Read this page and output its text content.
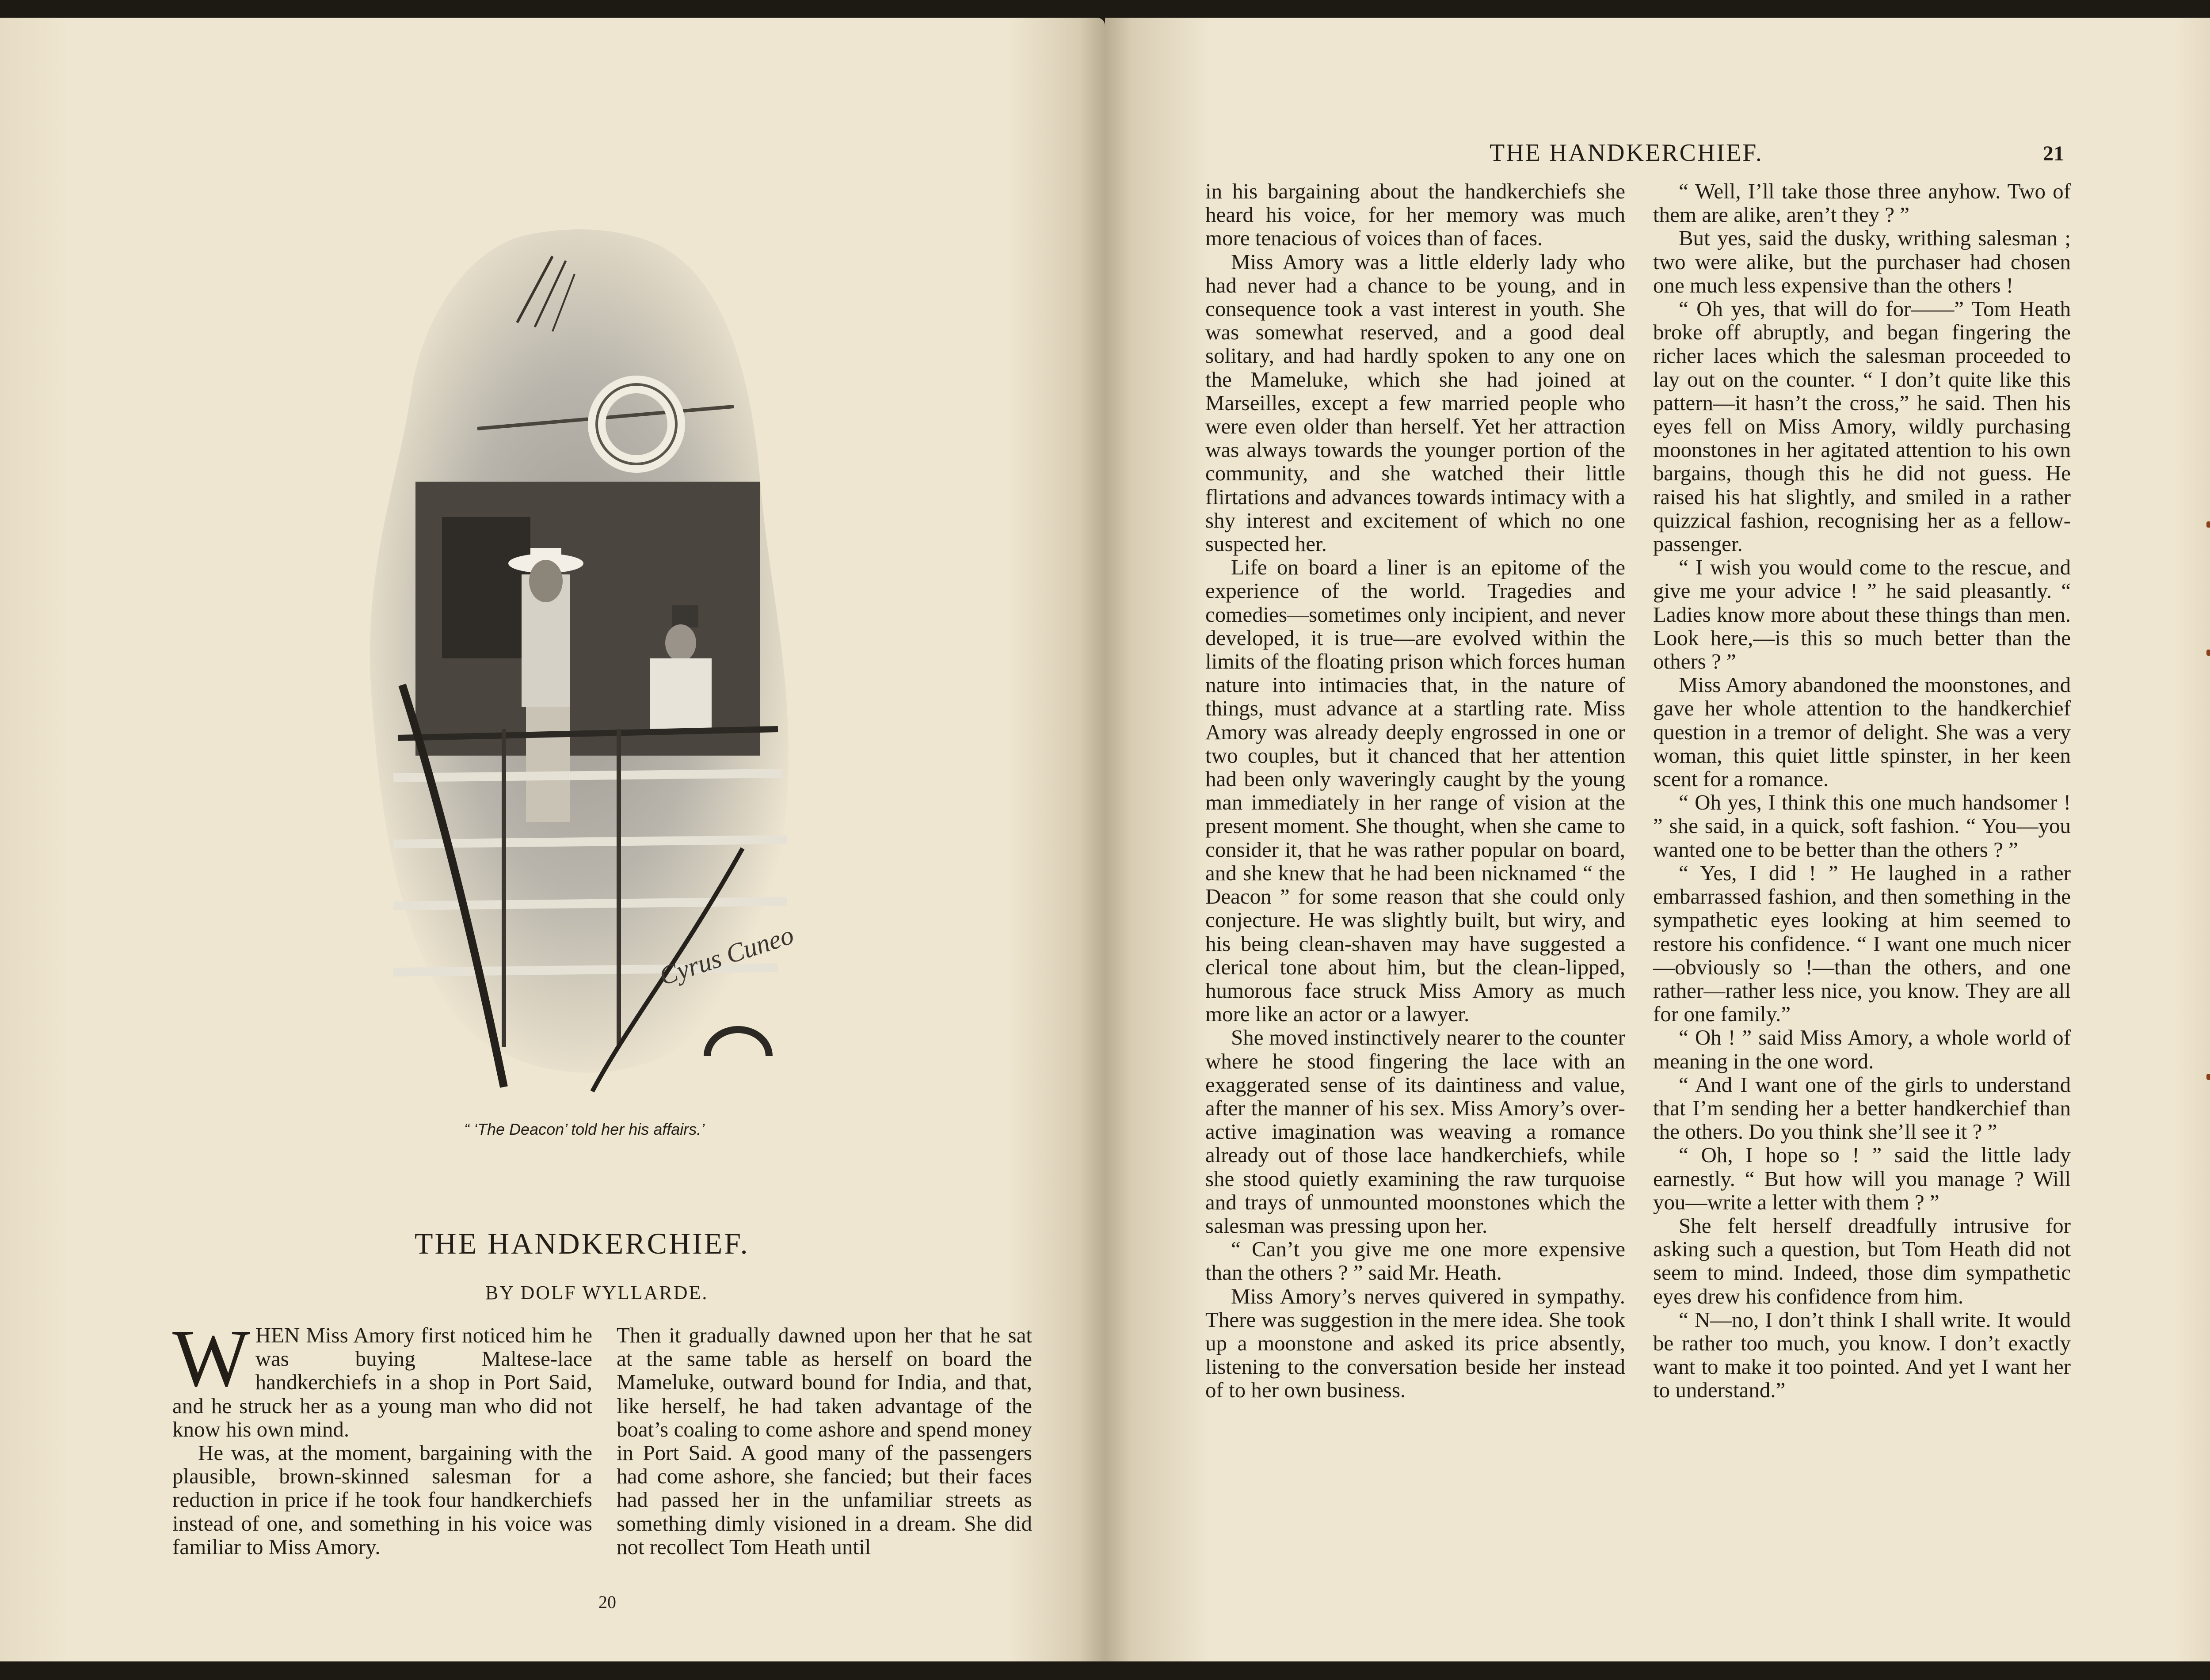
Cyrus Cuneo
“ ‘The Deacon’ told her his affairs.’
THE HANDKERCHIEF.
BY DOLF WYLLARDE.

WHEN Miss Amory first noticed him he was buying Maltese-lace handkerchiefs in a shop in Port Said, and he struck her as a young man who did not know his own mind.

He was, at the moment, bargaining with the plausible, brown-skinned salesman for a reduction in price if he took four handkerchiefs instead of one, and something in his voice was familiar to Miss Amory.

Then it gradually dawned upon her that he sat at the same table as herself on board the Mameluke, outward bound for India, and that, like herself, he had taken advantage of the boat’s coaling to come ashore and spend money in Port Said. A good many of the passengers had come ashore, she fancied; but their faces had passed her in the unfamiliar streets as something dimly visioned in a dream. She did not recollect Tom Heath until

20
THE HANDKERCHIEF.	21

in his bargaining about the handkerchiefs she heard his voice, for her memory was much more tenacious of voices than of faces.

Miss Amory was a little elderly lady who had never had a chance to be young, and in consequence took a vast interest in youth. She was somewhat reserved, and a good deal solitary, and had hardly spoken to any one on the Mameluke, which she had joined at Marseilles, except a few married people who were even older than herself. Yet her attraction was always towards the younger portion of the community, and she watched their little flirtations and advances towards intimacy with a shy interest and excitement of which no one suspected her.

Life on board a liner is an epitome of the experience of the world. Tragedies and comedies—sometimes only incipient, and never developed, it is true—are evolved within the limits of the floating prison which forces human nature into intimacies that, in the nature of things, must advance at a startling rate. Miss Amory was already deeply engrossed in one or two couples, but it chanced that her attention had been only waveringly caught by the young man immediately in her range of vision at the present moment. She thought, when she came to consider it, that he was rather popular on board, and she knew that he had been nicknamed “ the Deacon ” for some reason that she could only conjecture. He was slightly built, but wiry, and his being clean-shaven may have suggested a clerical tone about him, but the clean-lipped, humorous face struck Miss Amory as much more like an actor or a lawyer.

She moved instinctively nearer to the counter where he stood fingering the lace with an exaggerated sense of its daintiness and value, after the manner of his sex. Miss Amory’s over-active imagination was weaving a romance already out of those lace handkerchiefs, while she stood quietly examining the raw turquoise and trays of unmounted moonstones which the salesman was pressing upon her.

“ Can’t you give me one more expensive than the others ? ” said Mr. Heath.

Miss Amory’s nerves quivered in sympathy. There was suggestion in the mere idea. She took up a moonstone and asked its price absently, listening to the conversation beside her instead of to her own business.

“ Well, I’ll take those three anyhow. Two of them are alike, aren’t they ? ”

But yes, said the dusky, writhing salesman ; two were alike, but the purchaser had chosen one much less expensive than the others !

“ Oh yes, that will do for——” Tom Heath broke off abruptly, and began fingering the richer laces which the salesman proceeded to lay out on the counter. “ I don’t quite like this pattern—it hasn’t the cross,” he said. Then his eyes fell on Miss Amory, wildly purchasing moonstones in her agitated attention to his own bargains, though this he did not guess. He raised his hat slightly, and smiled in a rather quizzical fashion, recognising her as a fellow-passenger.

“ I wish you would come to the rescue, and give me your advice ! ” he said pleasantly. “ Ladies know more about these things than men. Look here,—is this so much better than the others ? ”

Miss Amory abandoned the moonstones, and gave her whole attention to the handkerchief question in a tremor of delight. She was a very woman, this quiet little spinster, in her keen scent for a romance.

“ Oh yes, I think this one much handsomer ! ” she said, in a quick, soft fashion. “ You—you wanted one to be better than the others ? ”

“ Yes, I did ! ” He laughed in a rather embarrassed fashion, and then something in the sympathetic eyes looking at him seemed to restore his confidence. “ I want one much nicer—obviously so !—than the others, and one rather—rather less nice, you know. They are all for one family.”

“ Oh ! ” said Miss Amory, a whole world of meaning in the one word.

“ And I want one of the girls to understand that I’m sending her a better handkerchief than the others. Do you think she’ll see it ? ”

“ Oh, I hope so ! ” said the little lady earnestly. “ But how will you manage ? Will you—write a letter with them ? ”

She felt herself dreadfully intrusive for asking such a question, but Tom Heath did not seem to mind. Indeed, those dim sympathetic eyes drew his confidence from him.

“ N—no, I don’t think I shall write. It would be rather too much, you know. I don’t exactly want to make it too pointed. And yet I want her to understand.”
